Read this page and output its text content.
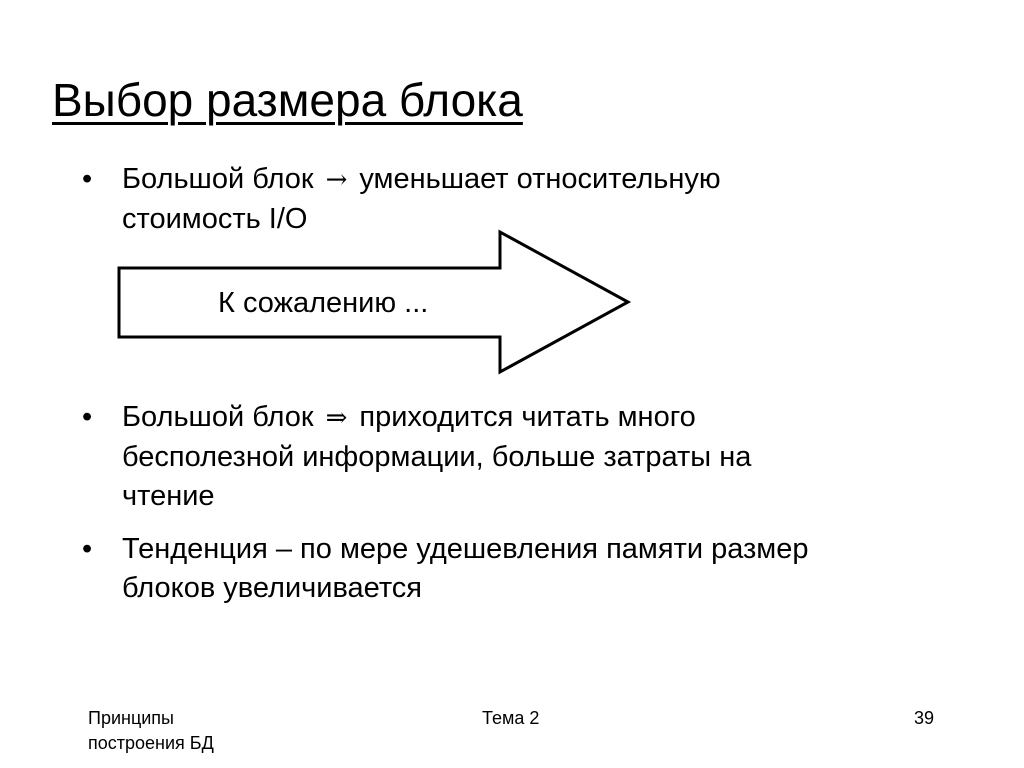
Выбор размера блока
•	Большой блок → уменьшает относительную
стоимость I/O
К сожалению ...
•	Большой блок ⇒ приходится читать много
бесполезной информации, больше затраты на
чтение
•	Тенденция – по мере удешевления памяти размер
блоков увеличивается
Принципы
построения БД
Тема 2	39
